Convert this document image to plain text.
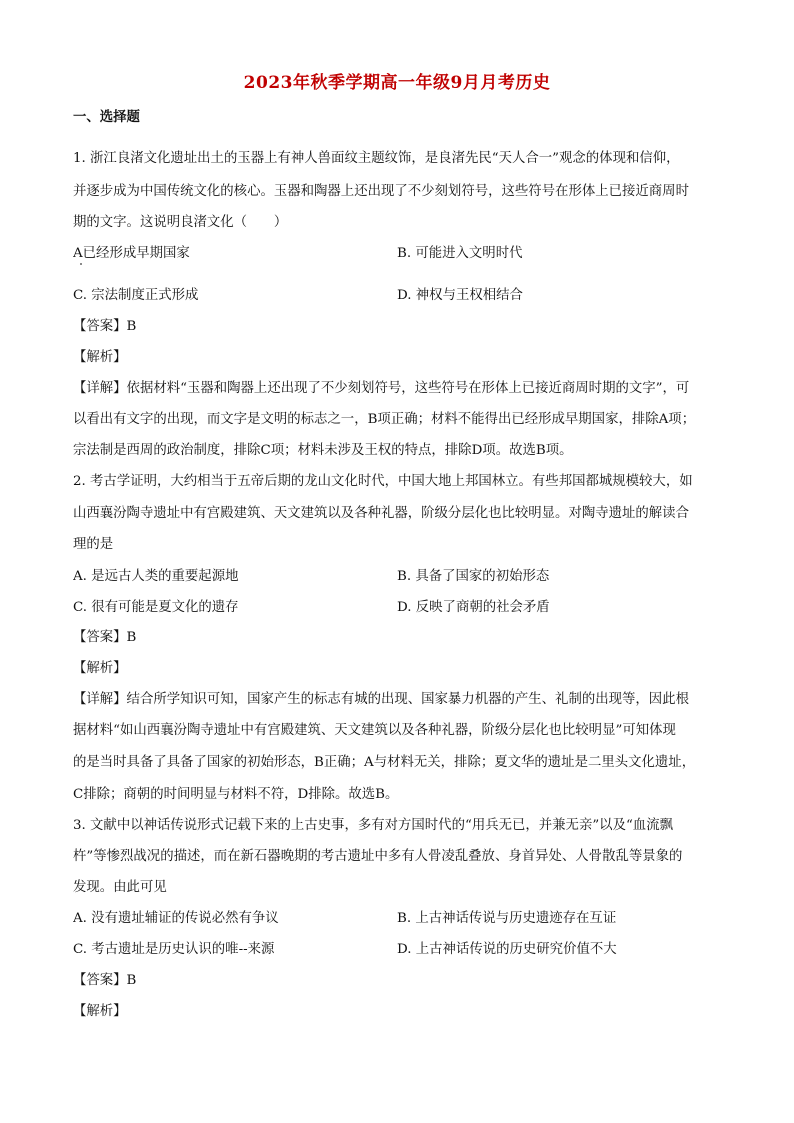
2023年秋季学期高一年级9月月考历史
一、选择题
1. 浙江良渚文化遗址出土的玉器上有神人兽面纹主题纹饰，是良渚先民“天人合一”观念的体现和信仰，
并逐步成为中国传统文化的核心。玉器和陶器上还出现了不少刻划符号，这些符号在形体上已接近商周时
期的文字。这说明良渚文化（　　）
A已经形成早期国家	B. 可能进入文明时代
C. 宗法制度正式形成	D. 神权与王权相结合
【答案】B
【解析】
【详解】依据材料“玉器和陶器上还出现了不少刻划符号，这些符号在形体上已接近商周时期的文字”，可
以看出有文字的出现，而文字是文明的标志之一，B项正确；材料不能得出已经形成早期国家，排除A项；
宗法制是西周的政治制度，排除C项；材料未涉及王权的特点，排除D项。故选B项。
2. 考古学证明，大约相当于五帝后期的龙山文化时代，中国大地上邦国林立。有些邦国都城规模较大，如
山西襄汾陶寺遗址中有宫殿建筑、天文建筑以及各种礼器，阶级分层化也比较明显。对陶寺遗址的解读合
理的是
A. 是远古人类的重要起源地	B. 具备了国家的初始形态
C. 很有可能是夏文化的遗存	D. 反映了商朝的社会矛盾
【答案】B
【解析】
【详解】结合所学知识可知，国家产生的标志有城的出现、国家暴力机器的产生、礼制的出现等，因此根
据材料“如山西襄汾陶寺遗址中有宫殿建筑、天文建筑以及各种礼器，阶级分层化也比较明显”可知体现
的是当时具备了具备了国家的初始形态，B正确；A与材料无关，排除；夏文华的遗址是二里头文化遗址，
C排除；商朝的时间明显与材料不符，D排除。故选B。
3. 文献中以神话传说形式记载下来的上古史事，多有对方国时代的“用兵无已，并兼无亲”以及“血流飘
杵”等惨烈战况的描述，而在新石器晚期的考古遗址中多有人骨凌乱叠放、身首异处、人骨散乱等景象的
发现。由此可见
A. 没有遗址辅证的传说必然有争议	B. 上古神话传说与历史遗迹存在互证
C. 考古遗址是历史认识的唯--来源	D. 上古神话传说的历史研究价值不大
【答案】B
【解析】
